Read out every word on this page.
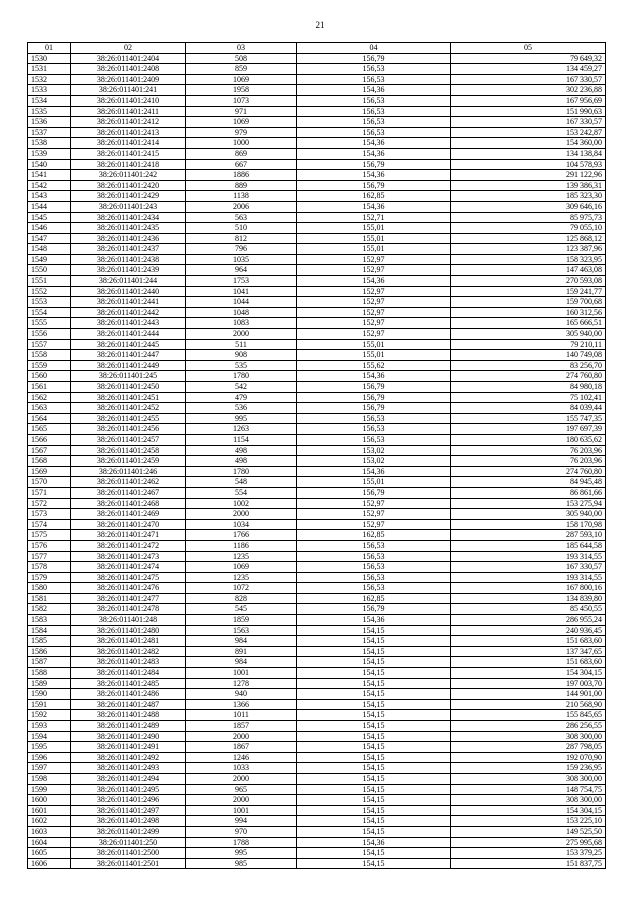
21
01	02	03	04	05
1530	38:26:011401:2404	508	156,79	79 649,32
1531	38:26:011401:2408	859	156,53	134 459,27
1532	38:26:011401:2409	1069	156,53	167 330,57
1533	38:26:011401:241	1958	154,36	302 236,88
1534	38:26:011401:2410	1073	156,53	167 956,69
1535	38:26:011401:2411	971	156,53	151 990,63
1536	38:26:011401:2412	1069	156,53	167 330,57
1537	38:26:011401:2413	979	156,53	153 242,87
1538	38:26:011401:2414	1000	154,36	154 360,00
1539	38:26:011401:2415	869	154,36	134 138,84
1540	38:26:011401:2418	667	156,79	104 578,93
1541	38:26:011401:242	1886	154,36	291 122,96
1542	38:26:011401:2420	889	156,79	139 386,31
1543	38:26:011401:2429	1138	162,85	185 323,30
1544	38:26:011401:243	2006	154,36	309 646,16
1545	38:26:011401:2434	563	152,71	85 975,73
1546	38:26:011401:2435	510	155,01	79 055,10
1547	38:26:011401:2436	812	155,01	125 868,12
1548	38:26:011401:2437	796	155,01	123 387,96
1549	38:26:011401:2438	1035	152,97	158 323,95
1550	38:26:011401:2439	964	152,97	147 463,08
1551	38:26:011401:244	1753	154,36	270 593,08
1552	38:26:011401:2440	1041	152,97	159 241,77
1553	38:26:011401:2441	1044	152,97	159 700,68
1554	38:26:011401:2442	1048	152,97	160 312,56
1555	38:26:011401:2443	1083	152,97	165 666,51
1556	38:26:011401:2444	2000	152,97	305 940,00
1557	38:26:011401:2445	511	155,01	79 210,11
1558	38:26:011401:2447	908	155,01	140 749,08
1559	38:26:011401:2449	535	155,62	83 256,70
1560	38:26:011401:245	1780	154,36	274 760,80
1561	38:26:011401:2450	542	156,79	84 980,18
1562	38:26:011401:2451	479	156,79	75 102,41
1563	38:26:011401:2452	536	156,79	84 039,44
1564	38:26:011401:2455	995	156,53	155 747,35
1565	38:26:011401:2456	1263	156,53	197 697,39
1566	38:26:011401:2457	1154	156,53	180 635,62
1567	38:26:011401:2458	498	153,02	76 203,96
1568	38:26:011401:2459	498	153,02	76 203,96
1569	38:26:011401:246	1780	154,36	274 760,80
1570	38:26:011401:2462	548	155,01	84 945,48
1571	38:26:011401:2467	554	156,79	86 861,66
1572	38:26:011401:2468	1002	152,97	153 275,94
1573	38:26:011401:2469	2000	152,97	305 940,00
1574	38:26:011401:2470	1034	152,97	158 170,98
1575	38:26:011401:2471	1766	162,85	287 593,10
1576	38:26:011401:2472	1186	156,53	185 644,58
1577	38:26:011401:2473	1235	156,53	193 314,55
1578	38:26:011401:2474	1069	156,53	167 330,57
1579	38:26:011401:2475	1235	156,53	193 314,55
1580	38:26:011401:2476	1072	156,53	167 800,16
1581	38:26:011401:2477	828	162,85	134 839,80
1582	38:26:011401:2478	545	156,79	85 450,55
1583	38:26:011401:248	1859	154,36	286 955,24
1584	38:26:011401:2480	1563	154,15	240 936,45
1585	38:26:011401:2481	984	154,15	151 683,60
1586	38:26:011401:2482	891	154,15	137 347,65
1587	38:26:011401:2483	984	154,15	151 683,60
1588	38:26:011401:2484	1001	154,15	154 304,15
1589	38:26:011401:2485	1278	154,15	197 003,70
1590	38:26:011401:2486	940	154,15	144 901,00
1591	38:26:011401:2487	1366	154,15	210 568,90
1592	38:26:011401:2488	1011	154,15	155 845,65
1593	38:26:011401:2489	1857	154,15	286 256,55
1594	38:26:011401:2490	2000	154,15	308 300,00
1595	38:26:011401:2491	1867	154,15	287 798,05
1596	38:26:011401:2492	1246	154,15	192 070,90
1597	38:26:011401:2493	1033	154,15	159 236,95
1598	38:26:011401:2494	2000	154,15	308 300,00
1599	38:26:011401:2495	965	154,15	148 754,75
1600	38:26:011401:2496	2000	154,15	308 300,00
1601	38:26:011401:2497	1001	154,15	154 304,15
1602	38:26:011401:2498	994	154,15	153 225,10
1603	38:26:011401:2499	970	154,15	149 525,50
1604	38:26:011401:250	1788	154,36	275 995,68
1605	38:26:011401:2500	995	154,15	153 379,25
1606	38:26:011401:2501	985	154,15	151 837,75
